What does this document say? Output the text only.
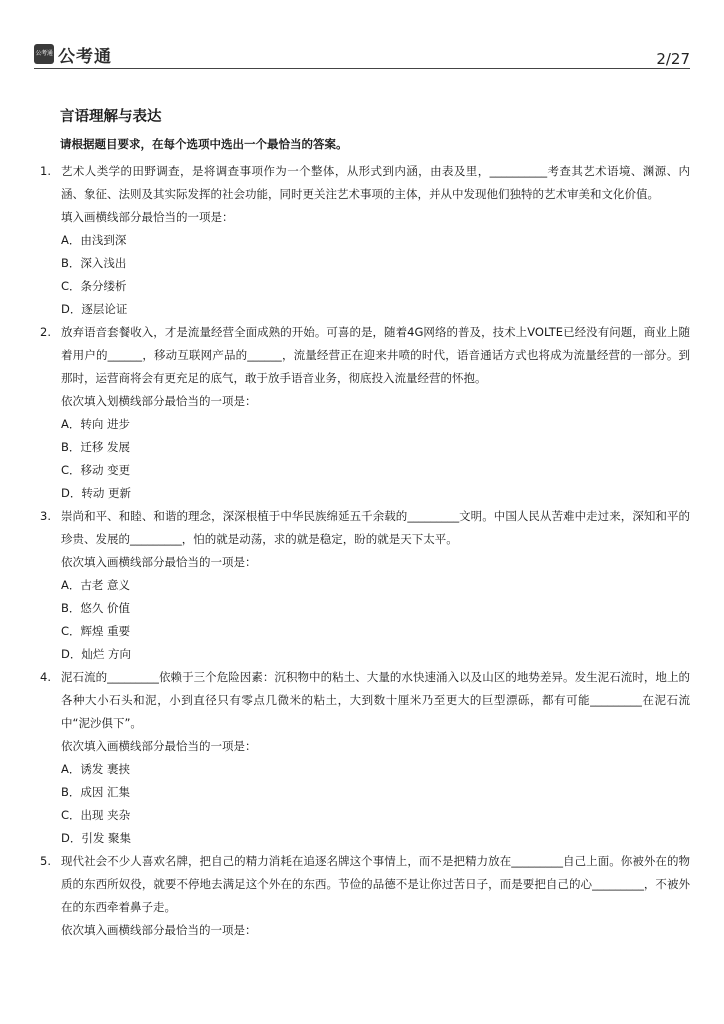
公考通 公考通	2/27
言语理解与表达
请根据题目要求，在每个选项中选出一个最恰当的答案。
1. 艺术人类学的田野调查，是将调查事项作为一个整体，从形式到内涵，由表及里，__________考查其艺术语境、渊源、内涵、象征、法则及其实际发挥的社会功能，同时更关注艺术事项的主体，并从中发现他们独特的艺术审美和文化价值。
填入画横线部分最恰当的一项是：
A．由浅到深
B．深入浅出
C．条分缕析
D．逐层论证
2. 放弃语音套餐收入，才是流量经营全面成熟的开始。可喜的是，随着4G网络的普及，技术上VOLTE已经没有问题，商业上随着用户的______，移动互联网产品的______，流量经营正在迎来井喷的时代，语音通话方式也将成为流量经营的一部分。到那时，运营商将会有更充足的底气，敢于放手语音业务，彻底投入流量经营的怀抱。
依次填入划横线部分最恰当的一项是：
A．转向 进步
B．迁移 发展
C．移动 变更
D．转动 更新
3. 崇尚和平、和睦、和谐的理念，深深根植于中华民族绵延五千余载的_________文明。中国人民从苦难中走过来，深知和平的珍贵、发展的_________，怕的就是动荡，求的就是稳定，盼的就是天下太平。
依次填入画横线部分最恰当的一项是：
A．古老 意义
B．悠久 价值
C．辉煌 重要
D．灿烂 方向
4. 泥石流的_________依赖于三个危险因素：沉积物中的粘土、大量的水快速涌入以及山区的地势差异。发生泥石流时，地上的各种大小石头和泥，小到直径只有零点几微米的粘土，大到数十厘米乃至更大的巨型漂砾，都有可能_________在泥石流中“泥沙俱下”。
依次填入画横线部分最恰当的一项是：
A．诱发 裹挟
B．成因 汇集
C．出现 夹杂
D．引发 聚集
5. 现代社会不少人喜欢名牌，把自己的精力消耗在追逐名牌这个事情上，而不是把精力放在_________自己上面。你被外在的物质的东西所奴役，就要不停地去满足这个外在的东西。节俭的品德不是让你过苦日子，而是要把自己的心_________，不被外在的东西牵着鼻子走。
依次填入画横线部分最恰当的一项是：
